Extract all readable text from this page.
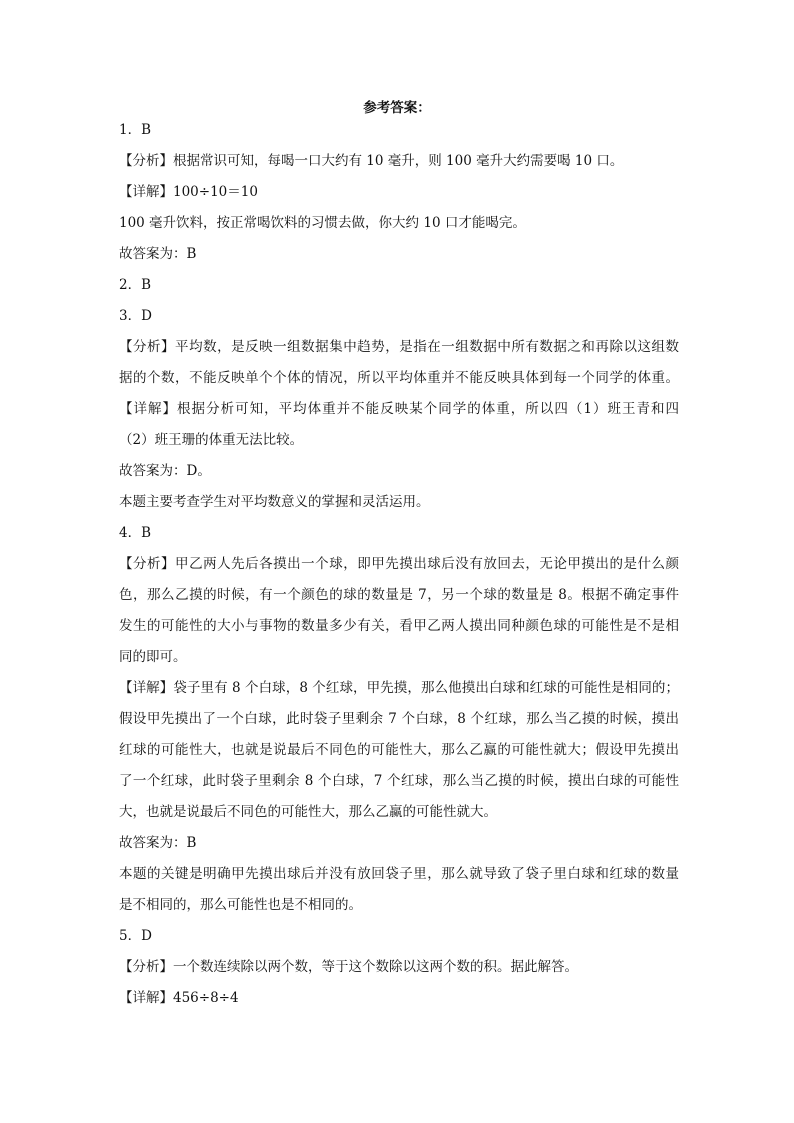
参考答案：
1．B
【分析】根据常识可知，每喝一口大约有 10 毫升，则 100 毫升大约需要喝 10 口。
【详解】100÷10＝10
100 毫升饮料，按正常喝饮料的习惯去做，你大约 10 口才能喝完。
故答案为：B
2．B
3．D
【分析】平均数，是反映一组数据集中趋势，是指在一组数据中所有数据之和再除以这组数
据的个数，不能反映单个个体的情况，所以平均体重并不能反映具体到每一个同学的体重。
【详解】根据分析可知，平均体重并不能反映某个同学的体重，所以四（1）班王青和四
（2）班王珊的体重无法比较。
故答案为：D。
本题主要考查学生对平均数意义的掌握和灵活运用。
4．B
【分析】甲乙两人先后各摸出一个球，即甲先摸出球后没有放回去，无论甲摸出的是什么颜
色，那么乙摸的时候，有一个颜色的球的数量是 7，另一个球的数量是 8。根据不确定事件
发生的可能性的大小与事物的数量多少有关，看甲乙两人摸出同种颜色球的可能性是不是相
同的即可。
【详解】袋子里有 8 个白球，8 个红球，甲先摸，那么他摸出白球和红球的可能性是相同的；
假设甲先摸出了一个白球，此时袋子里剩余 7 个白球，8 个红球，那么当乙摸的时候，摸出
红球的可能性大，也就是说最后不同色的可能性大，那么乙赢的可能性就大；假设甲先摸出
了一个红球，此时袋子里剩余 8 个白球，7 个红球，那么当乙摸的时候，摸出白球的可能性
大，也就是说最后不同色的可能性大，那么乙赢的可能性就大。
故答案为：B
本题的关键是明确甲先摸出球后并没有放回袋子里，那么就导致了袋子里白球和红球的数量
是不相同的，那么可能性也是不相同的。
5．D
【分析】一个数连续除以两个数，等于这个数除以这两个数的积。据此解答。
【详解】456÷8÷4
